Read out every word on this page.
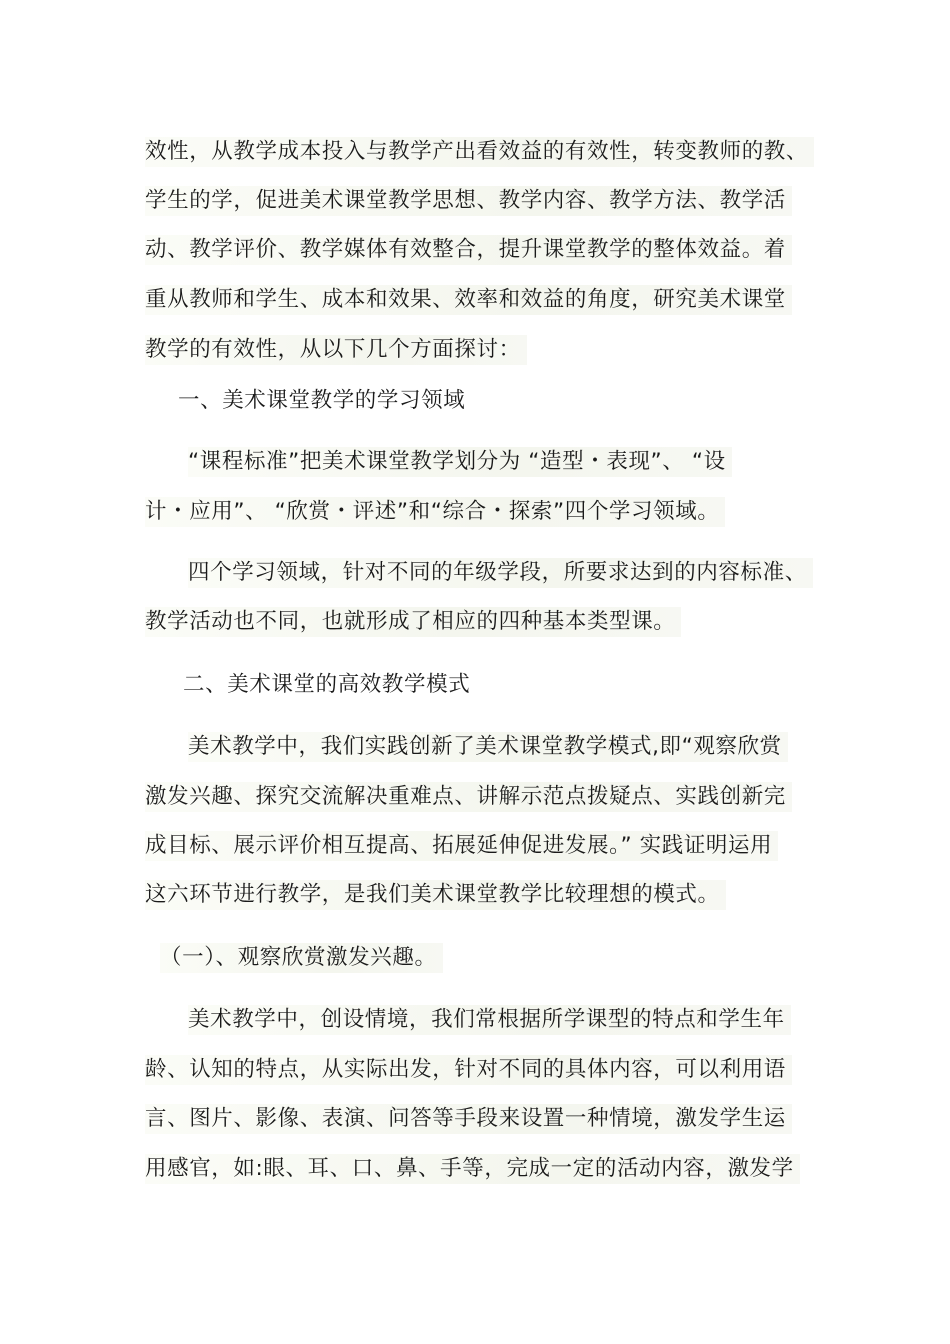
效性，从教学成本投入与教学产出看效益的有效性，转变教师的教、
学生的学，促进美术课堂教学思想、教学内容、教学方法、教学活
动、教学评价、教学媒体有效整合，提升课堂教学的整体效益。着
重从教师和学生、成本和效果、效率和效益的角度，研究美术课堂
教学的有效性，从以下几个方面探讨：
一、美术课堂教学的学习领域
“课程标准”把美术课堂教学划分为 “造型・表现”、 “设
计・应用”、 “欣赏・评述”和“综合・探索”四个学习领域。
四个学习领域，针对不同的年级学段，所要求达到的内容标准、
教学活动也不同，也就形成了相应的四种基本类型课。
二、美术课堂的高效教学模式
美术教学中，我们实践创新了美术课堂教学模式,即“观察欣赏
激发兴趣、探究交流解决重难点、讲解示范点拨疑点、实践创新完
成目标、展示评价相互提高、拓展延伸促进发展。” 实践证明运用
这六环节进行教学，是我们美术课堂教学比较理想的模式。
（一）、观察欣赏激发兴趣。
美术教学中，创设情境，我们常根据所学课型的特点和学生年
龄、认知的特点，从实际出发，针对不同的具体内容，可以利用语
言、图片、影像、表演、问答等手段来设置一种情境，激发学生运
用感官，如:眼、耳、口、鼻、手等，完成一定的活动内容，激发学
